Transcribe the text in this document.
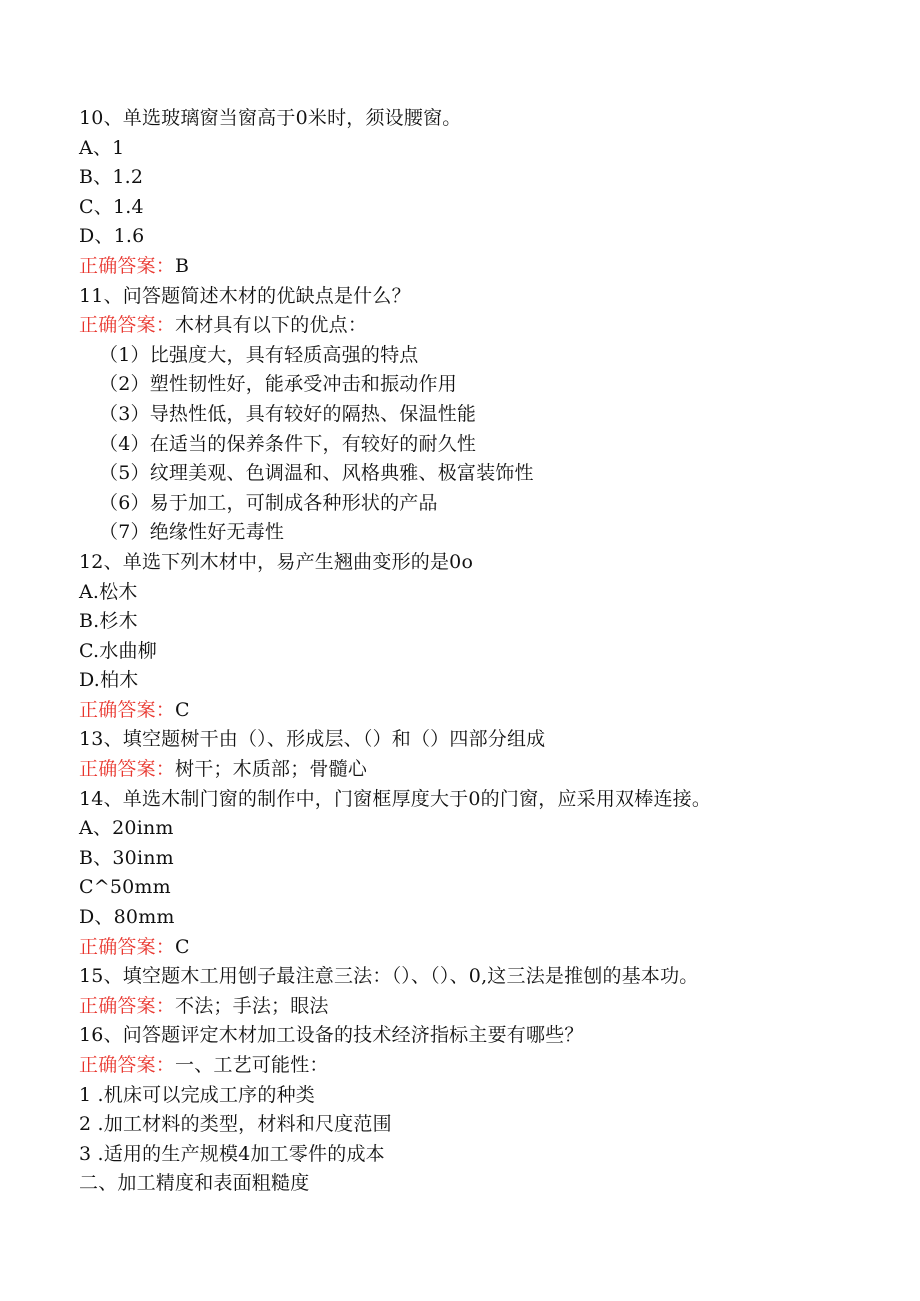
10、单选玻璃窗当窗高于0米时，须设腰窗。
A、1
B、1.2
C、1.4
D、1.6
正确答案：B
11、问答题简述木材的优缺点是什么？
正确答案：木材具有以下的优点：
（1）比强度大，具有轻质高强的特点
（2）塑性韧性好，能承受冲击和振动作用
（3）导热性低，具有较好的隔热、保温性能
（4）在适当的保养条件下，有较好的耐久性
（5）纹理美观、色调温和、风格典雅、极富装饰性
（6）易于加工，可制成各种形状的产品
（7）绝缘性好无毒性
12、单选下列木材中，易产生翘曲变形的是0o
A.松木
B.杉木
C.水曲柳
D.柏木
正确答案：C
13、填空题树干由（）、形成层、（）和（）四部分组成
正确答案：树干；木质部；骨髓心
14、单选木制门窗的制作中，门窗框厚度大于0的门窗，应采用双棒连接。
A、20inm
B、30inm
C^50mm
D、80mm
正确答案：C
15、填空题木工用刨子最注意三法：（）、（）、0,这三法是推刨的基本功。
正确答案：不法；手法；眼法
16、问答题评定木材加工设备的技术经济指标主要有哪些？
正确答案：一、工艺可能性：
1 .机床可以完成工序的种类
2 .加工材料的类型，材料和尺度范围
3 .适用的生产规模4加工零件的成本
二、加工精度和表面粗糙度
